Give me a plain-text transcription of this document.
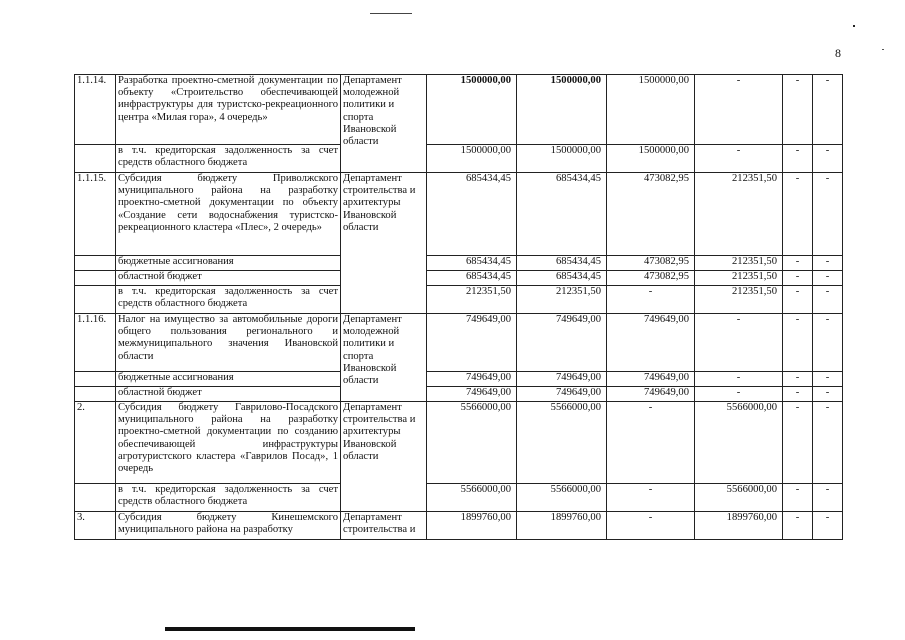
8
1.1.14.	Разработка проектно-сметной документации по объекту «Строительство обеспечивающей инфраструктуры для туристско-рекреационного центра «Милая гора», 4 очередь»	Департамент молодежной политики и спорта Ивановской области	1500000,00	1500000,00	1500000,00	-	-	-
	в т.ч. кредиторская задолженность за счет средств областного бюджета		1500000,00	1500000,00	1500000,00	-	-	-
1.1.15.	Субсидия бюджету Приволжского муниципального района на разработку проектно-сметной документации по объекту «Создание сети водоснабжения туристско-рекреационного кластера «Плес», 2 очередь»	Департамент строительства и архитектуры Ивановской области	685434,45	685434,45	473082,95	212351,50	-	-
	бюджетные ассигнования		685434,45	685434,45	473082,95	212351,50	-	-
	областной бюджет		685434,45	685434,45	473082,95	212351,50	-	-
	в т.ч. кредиторская задолженность за счет средств областного бюджета		212351,50	212351,50	-	212351,50	-	-
1.1.16.	Налог на имущество за автомобильные дороги общего пользования регионального и межмуниципального значения Ивановской области	Департамент молодежной политики и спорта Ивановской области	749649,00	749649,00	749649,00	-	-	-
	бюджетные ассигнования		749649,00	749649,00	749649,00	-	-	-
	областной бюджет		749649,00	749649,00	749649,00	-	-	-
2.	Субсидия бюджету Гаврилово-Посадского муниципального района на разработку проектно-сметной документации по созданию обеспечивающей инфраструктуры агротуристского кластера «Гаврилов Посад», 1 очередь	Департамент строительства и архитектуры Ивановской области	5566000,00	5566000,00	-	5566000,00	-	-
	в т.ч. кредиторская задолженность за счет средств областного бюджета		5566000,00	5566000,00	-	5566000,00	-	-
3.	Субсидия бюджету Кинешемского муниципального района на разработку	Департамент строительства и	1899760,00	1899760,00	-	1899760,00	-	-
